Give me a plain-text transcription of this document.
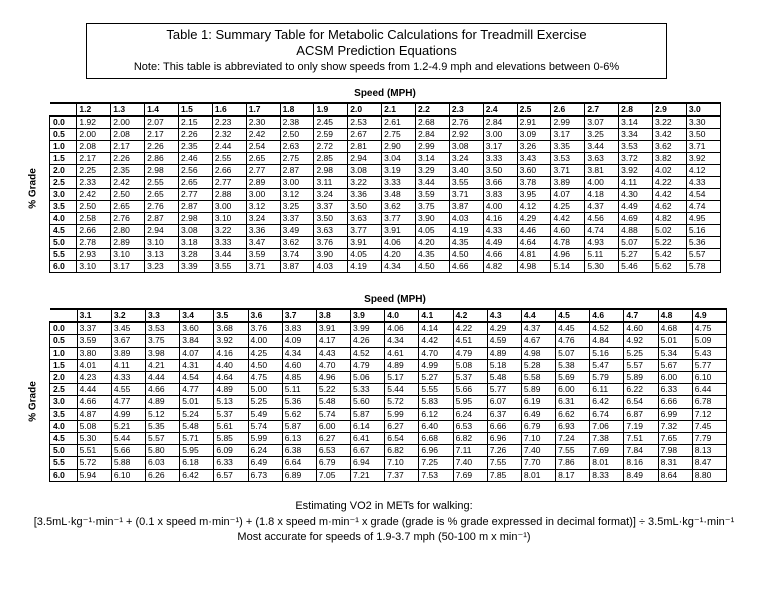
Table 1: Summary Table for Metabolic Calculations for Treadmill Exercise
ACSM Prediction Equations
Note: This table is abbreviated to only show speeds from 1.2-4.9 mph and elevations between 0-6%
Speed (MPH)
% Grade
	1.2	1.3	1.4	1.5	1.6	1.7	1.8	1.9	2.0	2.1	2.2	2.3	2.4	2.5	2.6	2.7	2.8	2.9	3.0
0.0	1.92	2.00	2.07	2.15	2.23	2.30	2.38	2.45	2.53	2.61	2.68	2.76	2.84	2.91	2.99	3.07	3.14	3.22	3.30
0.5	2.00	2.08	2.17	2.26	2.32	2.42	2.50	2.59	2.67	2.75	2.84	2.92	3.00	3.09	3.17	3.25	3.34	3.42	3.50
1.0	2.08	2.17	2.26	2.35	2.44	2.54	2.63	2.72	2.81	2.90	2.99	3.08	3.17	3.26	3.35	3.44	3.53	3.62	3.71
1.5	2.17	2.26	2.86	2.46	2.55	2.65	2.75	2.85	2.94	3.04	3.14	3.24	3.33	3.43	3.53	3.63	3.72	3.82	3.92
2.0	2.25	2.35	2.98	2.56	2.66	2.77	2.87	2.98	3.08	3.19	3.29	3.40	3.50	3.60	3.71	3.81	3.92	4.02	4.12
2.5	2.33	2.42	2.55	2.65	2.77	2.89	3.00	3.11	3.22	3.33	3.44	3.55	3.66	3.78	3.89	4.00	4.11	4.22	4.33
3.0	2.42	2.50	2.65	2.77	2.88	3.00	3.12	3.24	3.36	3.48	3.59	3.71	3.83	3.95	4.07	4.18	4.30	4.42	4.54
3.5	2.50	2.65	2.76	2.87	3.00	3.12	3.25	3.37	3.50	3.62	3.75	3.87	4.00	4.12	4.25	4.37	4.49	4.62	4.74
4.0	2.58	2.76	2.87	2.98	3.10	3.24	3.37	3.50	3.63	3.77	3.90	4.03	4.16	4.29	4.42	4.56	4.69	4.82	4.95
4.5	2.66	2.80	2.94	3.08	3.22	3.36	3.49	3.63	3.77	3.91	4.05	4.19	4.33	4.46	4.60	4.74	4.88	5.02	5.16
5.0	2.78	2.89	3.10	3.18	3.33	3.47	3.62	3.76	3.91	4.06	4.20	4.35	4.49	4.64	4.78	4.93	5.07	5.22	5.36
5.5	2.93	3.10	3.13	3.28	3.44	3.59	3.74	3.90	4.05	4.20	4.35	4.50	4.66	4.81	4.96	5.11	5.27	5.42	5.57
6.0	3.10	3.17	3.23	3.39	3.55	3.71	3.87	4.03	4.19	4.34	4.50	4.66	4.82	4.98	5.14	5.30	5.46	5.62	5.78
Speed (MPH)
% Grade
	3.1	3.2	3.3	3.4	3.5	3.6	3.7	3.8	3.9	4.0	4.1	4.2	4.3	4.4	4.5	4.6	4.7	4.8	4.9
0.0	3.37	3.45	3.53	3.60	3.68	3.76	3.83	3.91	3.99	4.06	4.14	4.22	4.29	4.37	4.45	4.52	4.60	4.68	4.75
0.5	3.59	3.67	3.75	3.84	3.92	4.00	4.09	4.17	4.26	4.34	4.42	4.51	4.59	4.67	4.76	4.84	4.92	5.01	5.09
1.0	3.80	3.89	3.98	4.07	4.16	4.25	4.34	4.43	4.52	4.61	4.70	4.79	4.89	4.98	5.07	5.16	5.25	5.34	5.43
1.5	4.01	4.11	4.21	4.31	4.40	4.50	4.60	4.70	4.79	4.89	4.99	5.08	5.18	5.28	5.38	5.47	5.57	5.67	5.77
2.0	4.23	4.33	4.44	4.54	4.64	4.75	4.85	4.96	5.06	5.17	5.27	5.37	5.48	5.58	5.69	5.79	5.89	6.00	6.10
2.5	4.44	4.55	4.66	4.77	4.89	5.00	5.11	5.22	5.33	5.44	5.55	5.66	5.77	5.89	6.00	6.11	6.22	6.33	6.44
3.0	4.66	4.77	4.89	5.01	5.13	5.25	5.36	5.48	5.60	5.72	5.83	5.95	6.07	6.19	6.31	6.42	6.54	6.66	6.78
3.5	4.87	4.99	5.12	5.24	5.37	5.49	5.62	5.74	5.87	5.99	6.12	6.24	6.37	6.49	6.62	6.74	6.87	6.99	7.12
4.0	5.08	5.21	5.35	5.48	5.61	5.74	5.87	6.00	6.14	6.27	6.40	6.53	6.66	6.79	6.93	7.06	7.19	7.32	7.45
4.5	5.30	5.44	5.57	5.71	5.85	5.99	6.13	6.27	6.41	6.54	6.68	6.82	6.96	7.10	7.24	7.38	7.51	7.65	7.79
5.0	5.51	5.66	5.80	5.95	6.09	6.24	6.38	6.53	6.67	6.82	6.96	7.11	7.26	7.40	7.55	7.69	7.84	7.98	8.13
5.5	5.72	5.88	6.03	6.18	6.33	6.49	6.64	6.79	6.94	7.10	7.25	7.40	7.55	7.70	7.86	8.01	8.16	8.31	8.47
6.0	5.94	6.10	6.26	6.42	6.57	6.73	6.89	7.05	7.21	7.37	7.53	7.69	7.85	8.01	8.17	8.33	8.49	8.64	8.80
Estimating VO2 in METs for walking:
[3.5mL·kg⁻¹·min⁻¹ + (0.1 x speed m·min⁻¹) + (1.8 x speed m·min⁻¹ x grade (grade is % grade expressed in decimal format)] ÷ 3.5mL·kg⁻¹·min⁻¹
Most accurate for speeds of 1.9-3.7 mph (50-100 m x min⁻¹)
